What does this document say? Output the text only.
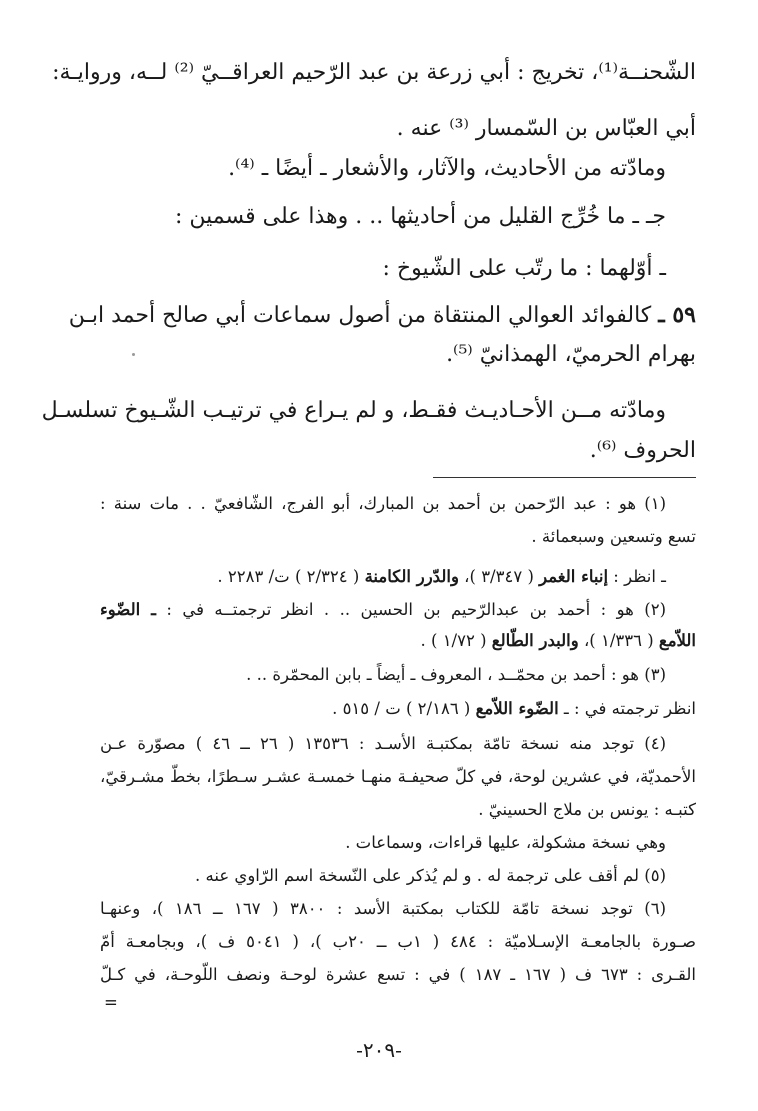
الشّحنــة⁽¹⁾، تخريج : أبي زرعة بن عبد الرّحيم العراقــيّ ⁽²⁾ لــه، وروايـة:
أبي العبّاس بن السّمسار ⁽³⁾ عنه .
ومادّته من الأحاديث، والآثار، والأشعار ـ أيضًا ـ ⁽⁴⁾.
جـ ـ ما خُرِّج القليل من أحاديثها .. . وهذا على قسمين :
ـ أوّلهما : ما رتّب على الشّيوخ :
٥٩ ـ كالفوائد العوالي المنتقاة من أصول سماعات أبي صالح أحمد ابـن
بهرام الحرميّ، الهمذانيّ ⁽⁵⁾.
ومادّته مــن الأحـاديـث فقـط، و لم يـراع في ترتيـب الشّـيوخ تسلسـل
الحروف ⁽⁶⁾.
(١) هو : عبد الرّحمن بن أحمد بن المبارك، أبو الفرج، الشّافعيّ . . مات سنة :
تسع وتسعين وسبعمائة .
ـ انظر : إنباء الغمر ( ٣/٣٤٧ )، والدّرر الكامنة ( ٢/٣٢٤ ) ت/ ٢٢٨٣ .
(٢) هو : أحمد بن عبدالرّحيم بن الحسين .. . انظر ترجمتــه في : ـ الضّوء
اللاّمع ( ١/٣٣٦ )، والبدر الطّالع ( ١/٧٢ ) .
(٣) هو : أحمد بن محمّــد ، المعروف ـ أيضاً ـ بابن المحمّرة .. .
انظر ترجمته في : ـ الضّوء اللاّمع ( ٢/١٨٦ ) ت / ٥١٥ .
(٤) توجد منه نسخة تامّة بمكتبـة الأسـد : ١٣٥٣٦ ( ٢٦ ــ ٤٦ ) مصوّرة عـن
الأحمديّة، في عشرين لوحة، في كلّ صحيفـة منهـا خمسـة عشـر سـطرًا، بخطّ مشـرقيّ،
كتبـه : يونس بن ملاج الحسينيّ .
وهي نسخة مشكولة، عليها قراءات، وسماعات .
(٥) لم أقف على ترجمة له . و لم يُذكر على النّسخة اسم الرّاوي عنه .
(٦) توجد نسخة تامّة للكتاب بمكتبة الأسد : ٣٨٠٠ ( ١٦٧ ــ ١٨٦ )، وعنهـا
صـورة بالجامعـة الإسـلاميّة : ٤٨٤ ( ١ب ــ ٢٠ب )، ( ٥٠٤١ ف )، وبجامعـة أمّ
القـرى : ٦٧٣ ف ( ١٦٧ ـ ١٨٧ ) في : تسع عشرة لوحـة ونصف اللّوحـة، في كـلّ
=
-٢٠٩-
